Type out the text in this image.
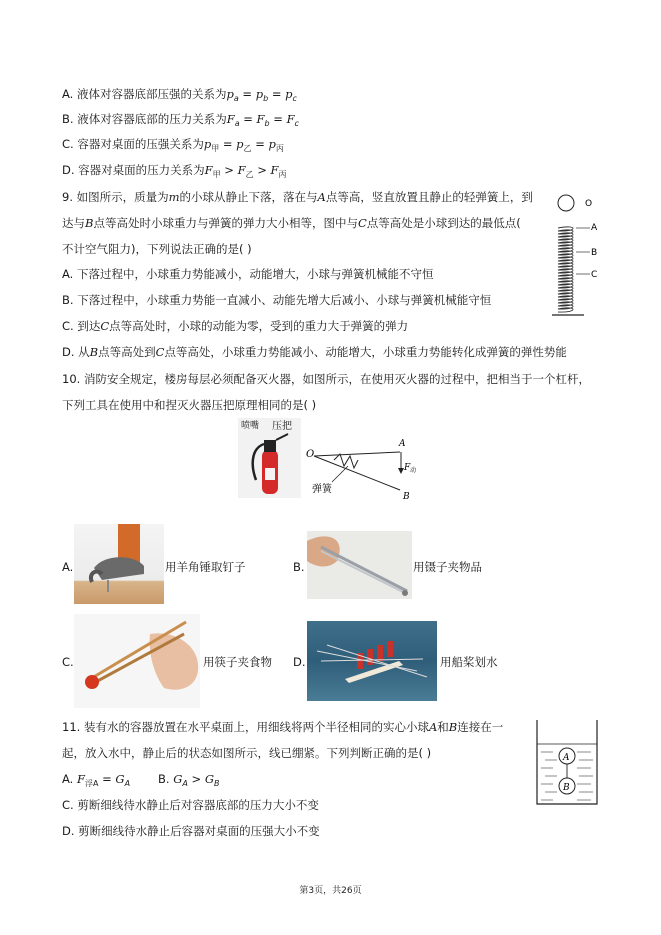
A. 液体对容器底部压强的关系为$p_a = p_b = p_c$
B. 液体对容器底部的压力关系为$F_a = F_b = F_c$
C. 容器对桌面的压强关系为$p_甲 = p_乙 = p_丙$
D. 容器对桌面的压力关系为$F_甲 > F_乙 > F_丙$
9. 如图所示，质量为m的小球从静止下落，落在与A点等高，竖直放置且静止的轻弹簧上，到
达与B点等高处时小球重力与弹簧的弹力大小相等，图中与C点等高处是小球到达的最低点(
不计空气阻力)，下列说法正确的是( )
A. 下落过程中，小球重力势能减小，动能增大，小球与弹簧机械能不守恒
B. 下落过程中，小球重力势能一直减小、动能先增大后减小、小球与弹簧机械能守恒
C. 到达C点等高处时，小球的动能为零，受到的重力大于弹簧的弹力
D. 从B点等高处到C点等高处，小球重力势能减小、动能增大，小球重力势能转化成弹簧的弹性势能
O
A
B
C
10. 消防安全规定，楼房每层必须配备灭火器，如图所示，在使用灭火器的过程中，把相当于一个杠杆，
下列工具在使用中和捏灭火器压把原理相同的是( )
喷嘴 压把
O
A
F 动
弹簧
B
A.	用羊角锤取钉子	B.	用镊子夹物品
C.	用筷子夹食物 D.	用船桨划水
11. 装有水的容器放置在水平桌面上，用细线将两个半径相同的实心小球A和B连接在一
起，放入水中，静止后的状态如图所示，线已绷紧。下列判断正确的是( )
A. $F_{浮A} = G_A$ B. $G_A > G_B$
C. 剪断细线待水静止后对容器底部的压力大小不变
D. 剪断细线待水静止后容器对桌面的压强大小不变
A
B
第3页，共26页
